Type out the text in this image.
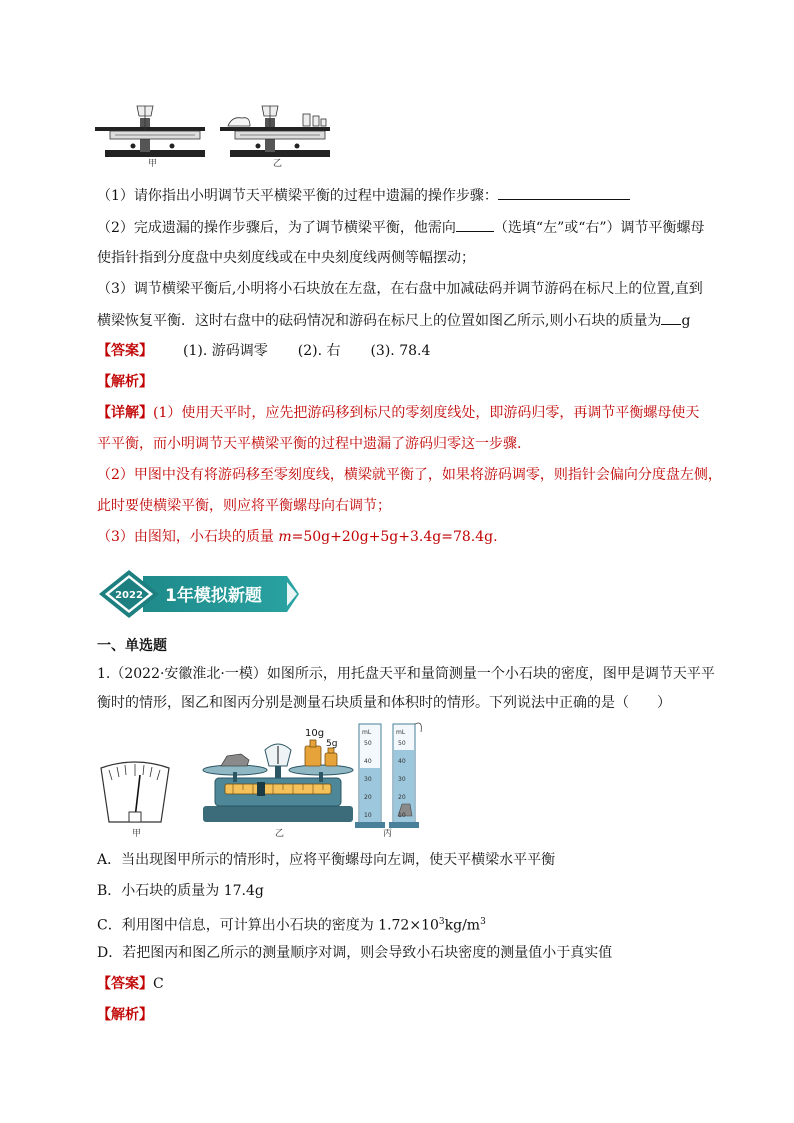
甲	乙
（1）请你指出小明调节天平横梁平衡的过程中遗漏的操作步骤：
（2）完成遗漏的操作步骤后，为了调节横梁平衡，他需向	（选填“左”或“右”）调节平衡螺母
使指针指到分度盘中央刻度线或在中央刻度线两侧等幅摆动；
（3）调节横梁平衡后,小明将小石块放在左盘，在右盘中加减砝码并调节游码在标尺上的位置,直到
横梁恢复平衡．这时右盘中的砝码情况和游码在标尺上的位置如图乙所示,则小石块的质量为 g
【答案】 (1). 游码调零 (2). 右 (3). 78.4
【解析】
【详解】(1）使用天平时，应先把游码移到标尺的零刻度线处，即游码归零，再调节平衡螺母使天
平平衡，而小明调节天平横梁平衡的过程中遗漏了游码归零这一步骤.
（2）甲图中没有将游码移至零刻度线，横梁就平衡了，如果将游码调零，则指针会偏向分度盘左侧，
此时要使横梁平衡，则应将平衡螺母向右调节；
（3）由图知，小石块的质量 m=50g+20g+5g+3.4g=78.4g.
2022 1年模拟新题
一、单选题
1.（2022·安徽淮北·一模）如图所示，用托盘天平和量筒测量一个小石块的密度，图甲是调节天平平
衡时的情形，图乙和图丙分别是测量石块质量和体积时的情形。下列说法中正确的是（　　）
甲
10g
5g
乙
mL
50
40
30
20
10
mL
50
40
30
20
10
丙
A．当出现图甲所示的情形时，应将平衡螺母向左调，使天平横梁水平平衡
B．小石块的质量为 17.4g
C．利用图中信息，可计算出小石块的密度为 $1.72\times 10^3kg/m^3$
D．若把图丙和图乙所示的测量顺序对调，则会导致小石块密度的测量值小于真实值
【答案】C
【解析】
